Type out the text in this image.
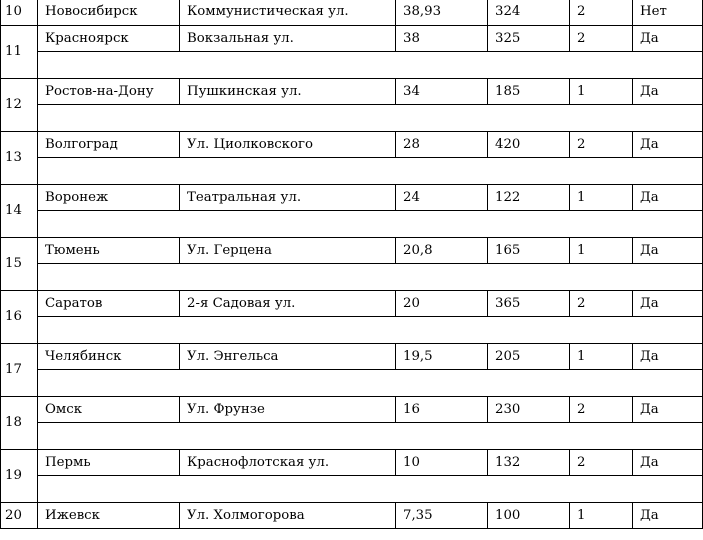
10	Новосибирск	Коммунистическая ул.	38,93	324	2	Нет
11	Красноярск	Вокзальная ул.	38	325	2	Да

12	Ростов-на-Дону	Пушкинская ул.	34	185	1	Да

13	Волгоград	Ул. Циолковского	28	420	2	Да

14	Воронеж	Театральная ул.	24	122	1	Да

15	Тюмень	Ул. Герцена	20,8	165	1	Да

16	Саратов	2-я Садовая ул.	20	365	2	Да

17	Челябинск	Ул. Энгельса	19,5	205	1	Да

18	Омск	Ул. Фрунзе	16	230	2	Да

19	Пермь	Краснофлотская ул.	10	132	2	Да

20	Ижевск	Ул. Холмогорова	7,35	100	1	Да
